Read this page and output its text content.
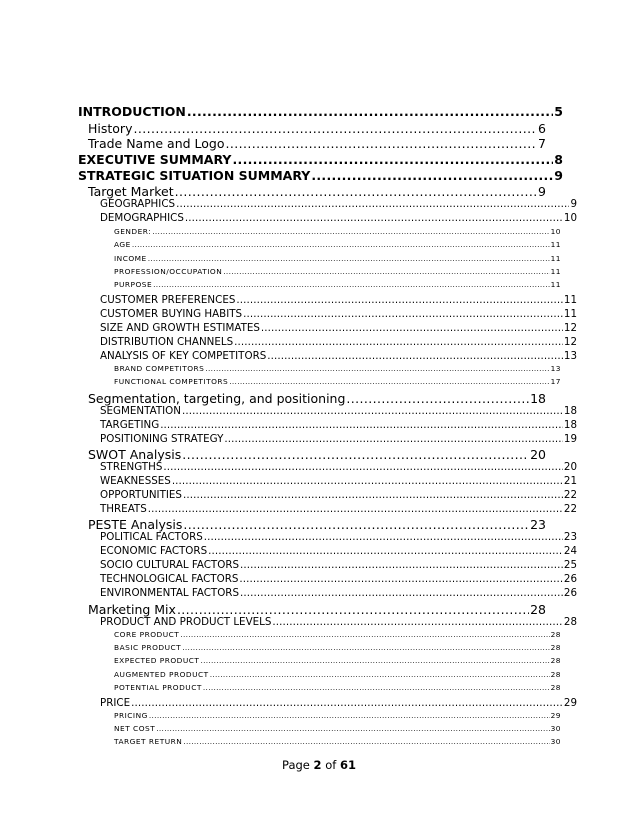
INTRODUCTION .....	5
History .....	6
Trade Name and Logo .....	7
EXECUTIVE SUMMARY .....	8
STRATEGIC SITUATION SUMMARY .....	9
Target Market .....	9
GEOGRAPHICS .....	9
DEMOGRAPHICS .....	10
GENDER: .....	10
AGE .....	11
INCOME .....	11
PROFESSION/OCCUPATION .....	11
PURPOSE .....	11
CUSTOMER PREFERENCES .....	11
CUSTOMER BUYING HABITS .....	11
SIZE AND GROWTH ESTIMATES .....	12
DISTRIBUTION CHANNELS .....	12
ANALYSIS OF KEY COMPETITORS .....	13
BRAND COMPETITORS .....	13
FUNCTIONAL COMPETITORS .....	17
Segmentation, targeting, and positioning .....	18
SEGMENTATION .....	18
TARGETING .....	18
POSITIONING STRATEGY .....	19
SWOT Analysis .....	20
STRENGTHS .....	20
WEAKNESSES .....	21
OPPORTUNITIES .....	22
THREATS .....	22
PESTE Analysis .....	23
POLITICAL FACTORS .....	23
ECONOMIC FACTORS .....	24
SOCIO CULTURAL FACTORS .....	25
TECHNOLOGICAL FACTORS .....	26
ENVIRONMENTAL FACTORS .....	26
Marketing Mix .....	28
PRODUCT AND PRODUCT LEVELS .....	28
CORE PRODUCT .....	28
BASIC PRODUCT .....	28
EXPECTED PRODUCT .....	28
AUGMENTED PRODUCT .....	28
POTENTIAL PRODUCT .....	28
PRICE .....	29
PRICING .....	29
NET COST .....	30
TARGET RETURN .....	30
Page 2 of 61
